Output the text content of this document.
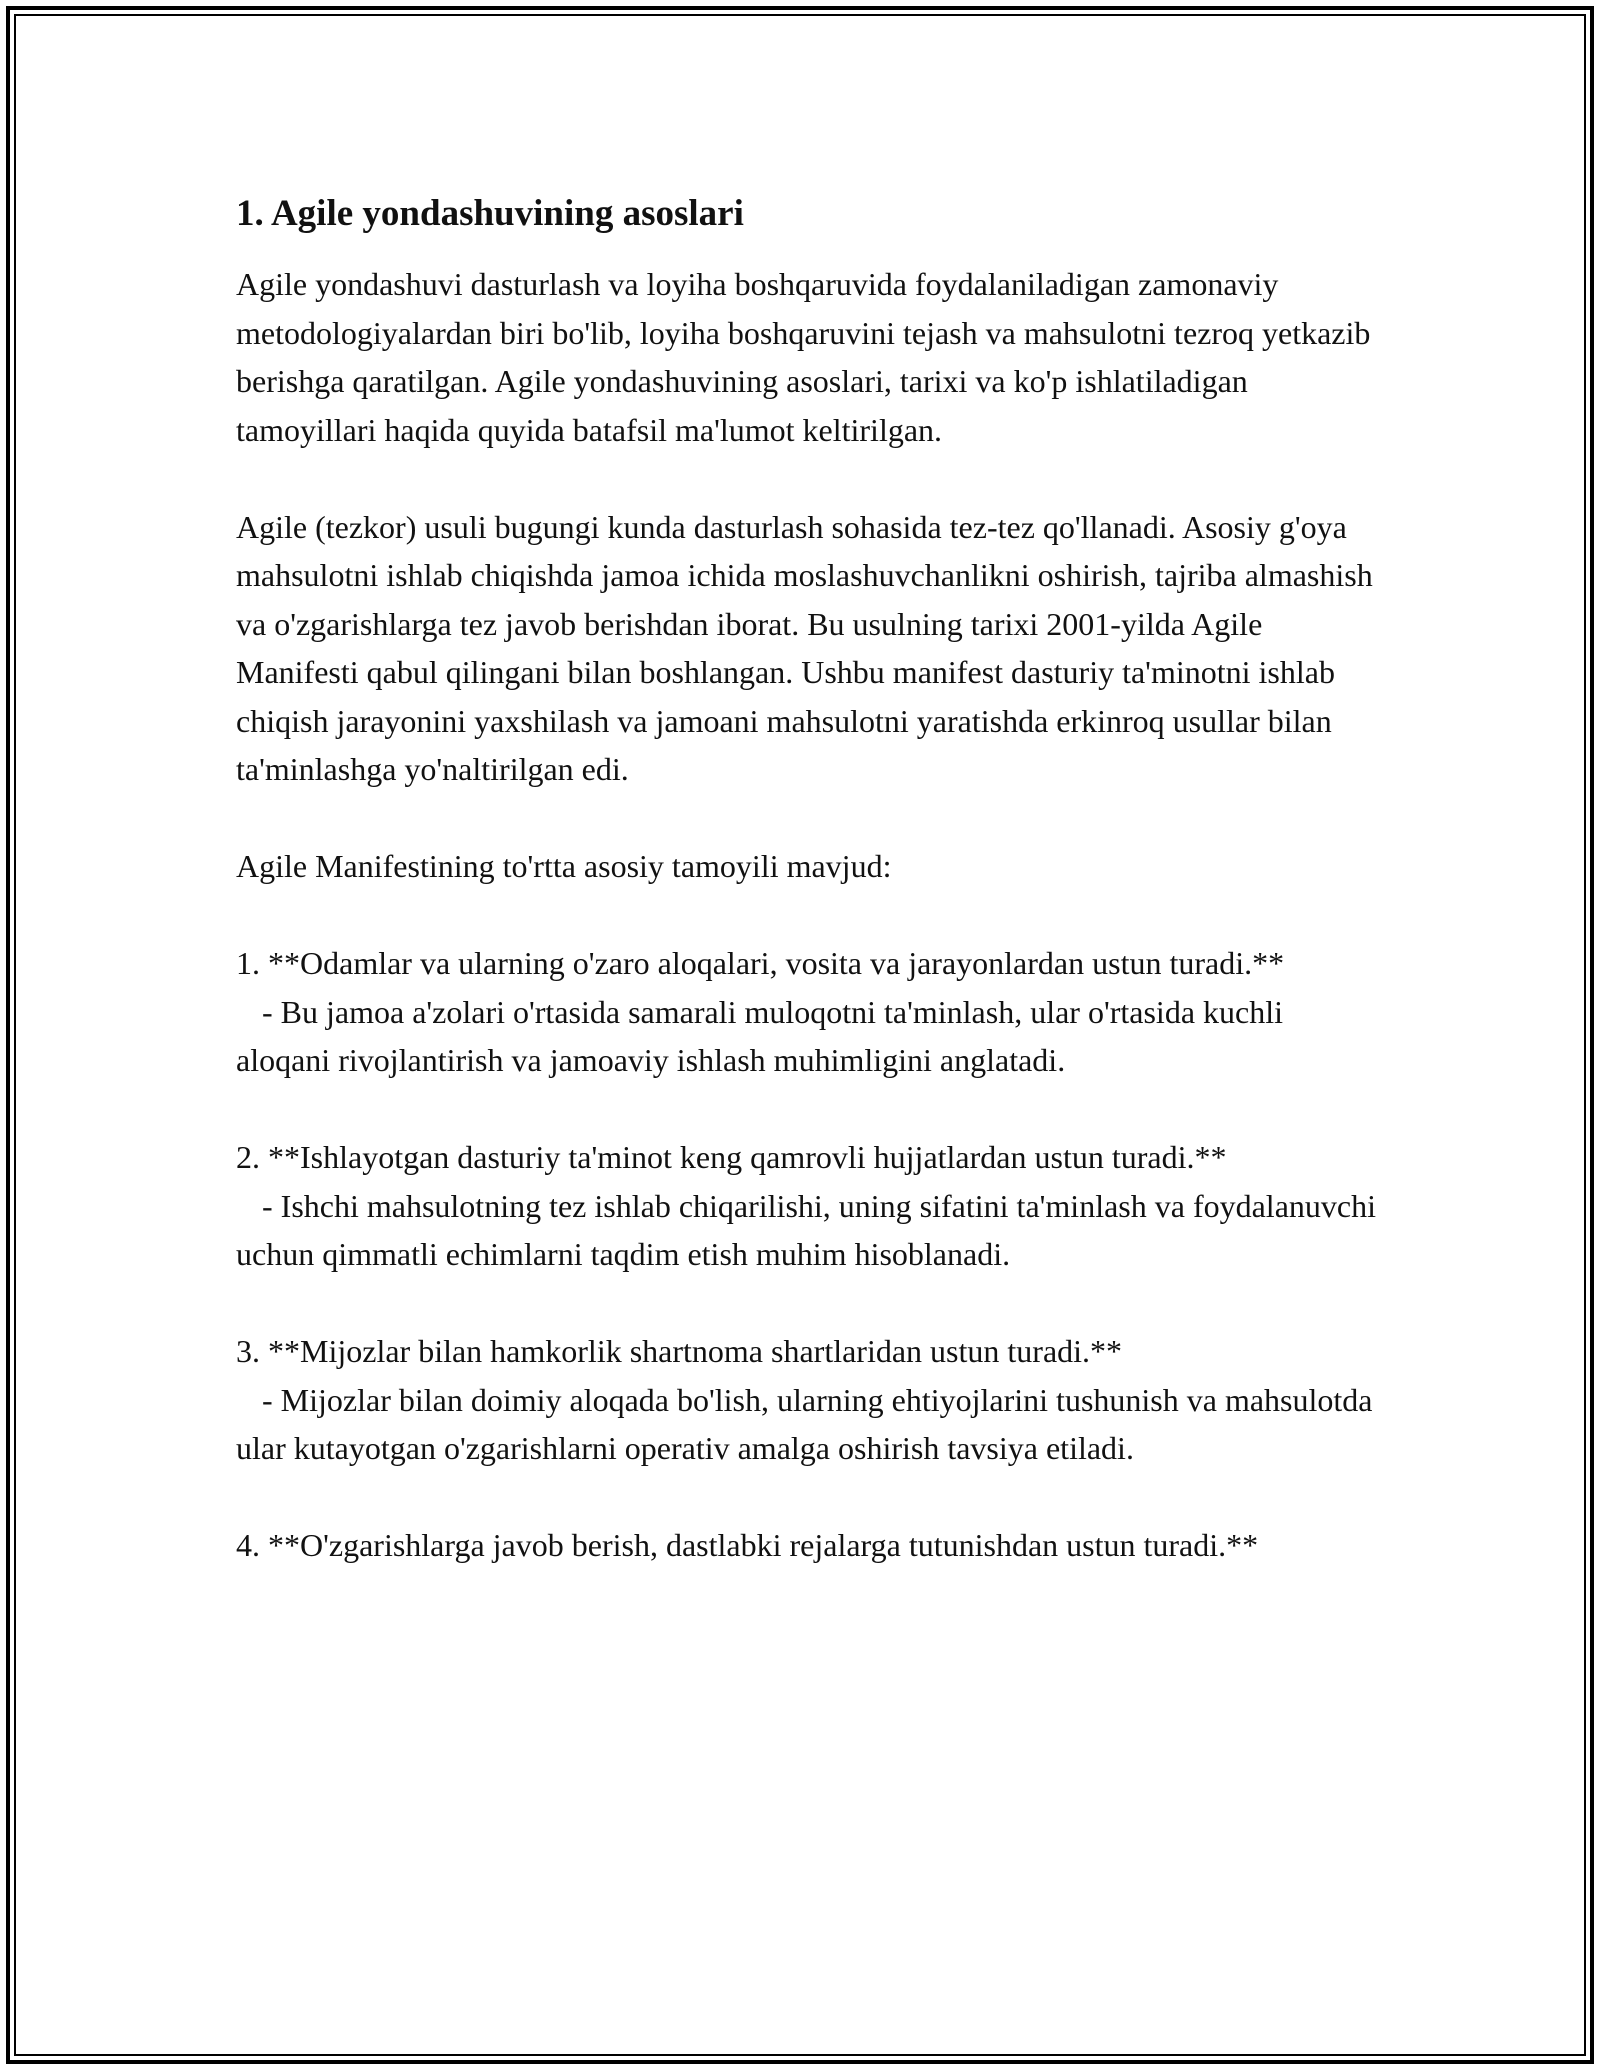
1. Agile yondashuvining asoslari
Agile yondashuvi dasturlash va loyiha boshqaruvida foydalaniladigan zamonaviy metodologiyalardan biri bo'lib, loyiha boshqaruvini tejash va mahsulotni tezroq yetkazib berishga qaratilgan. Agile yondashuvining asoslari, tarixi va ko'p ishlatiladigan tamoyillari haqida quyida batafsil ma'lumot keltirilgan.
Agile (tezkor) usuli bugungi kunda dasturlash sohasida tez-tez qo'llanadi. Asosiy g'oya mahsulotni ishlab chiqishda jamoa ichida moslashuvchanlikni oshirish, tajriba almashish va o'zgarishlarga tez javob berishdan iborat. Bu usulning tarixi 2001-yilda Agile Manifesti qabul qilingani bilan boshlangan. Ushbu manifest dasturiy ta'minotni ishlab chiqish jarayonini yaxshilash va jamoani mahsulotni yaratishda erkinroq usullar bilan ta'minlashga yo'naltirilgan edi.
Agile Manifestining to'rtta asosiy tamoyili mavjud:
1. **Odamlar va ularning o'zaro aloqalari, vosita va jarayonlardan ustun turadi.**
- Bu jamoa a'zolari o'rtasida samarali muloqotni ta'minlash, ular o'rtasida kuchli aloqani rivojlantirish va jamoaviy ishlash muhimligini anglatadi.
2. **Ishlayotgan dasturiy ta'minot keng qamrovli hujjatlardan ustun turadi.**
- Ishchi mahsulotning tez ishlab chiqarilishi, uning sifatini ta'minlash va foydalanuvchi uchun qimmatli echimlarni taqdim etish muhim hisoblanadi.
3. **Mijozlar bilan hamkorlik shartnoma shartlaridan ustun turadi.**
- Mijozlar bilan doimiy aloqada bo'lish, ularning ehtiyojlarini tushunish va mahsulotda ular kutayotgan o'zgarishlarni operativ amalga oshirish tavsiya etiladi.
4. **O'zgarishlarga javob berish, dastlabki rejalarga tutunishdan ustun turadi.**
